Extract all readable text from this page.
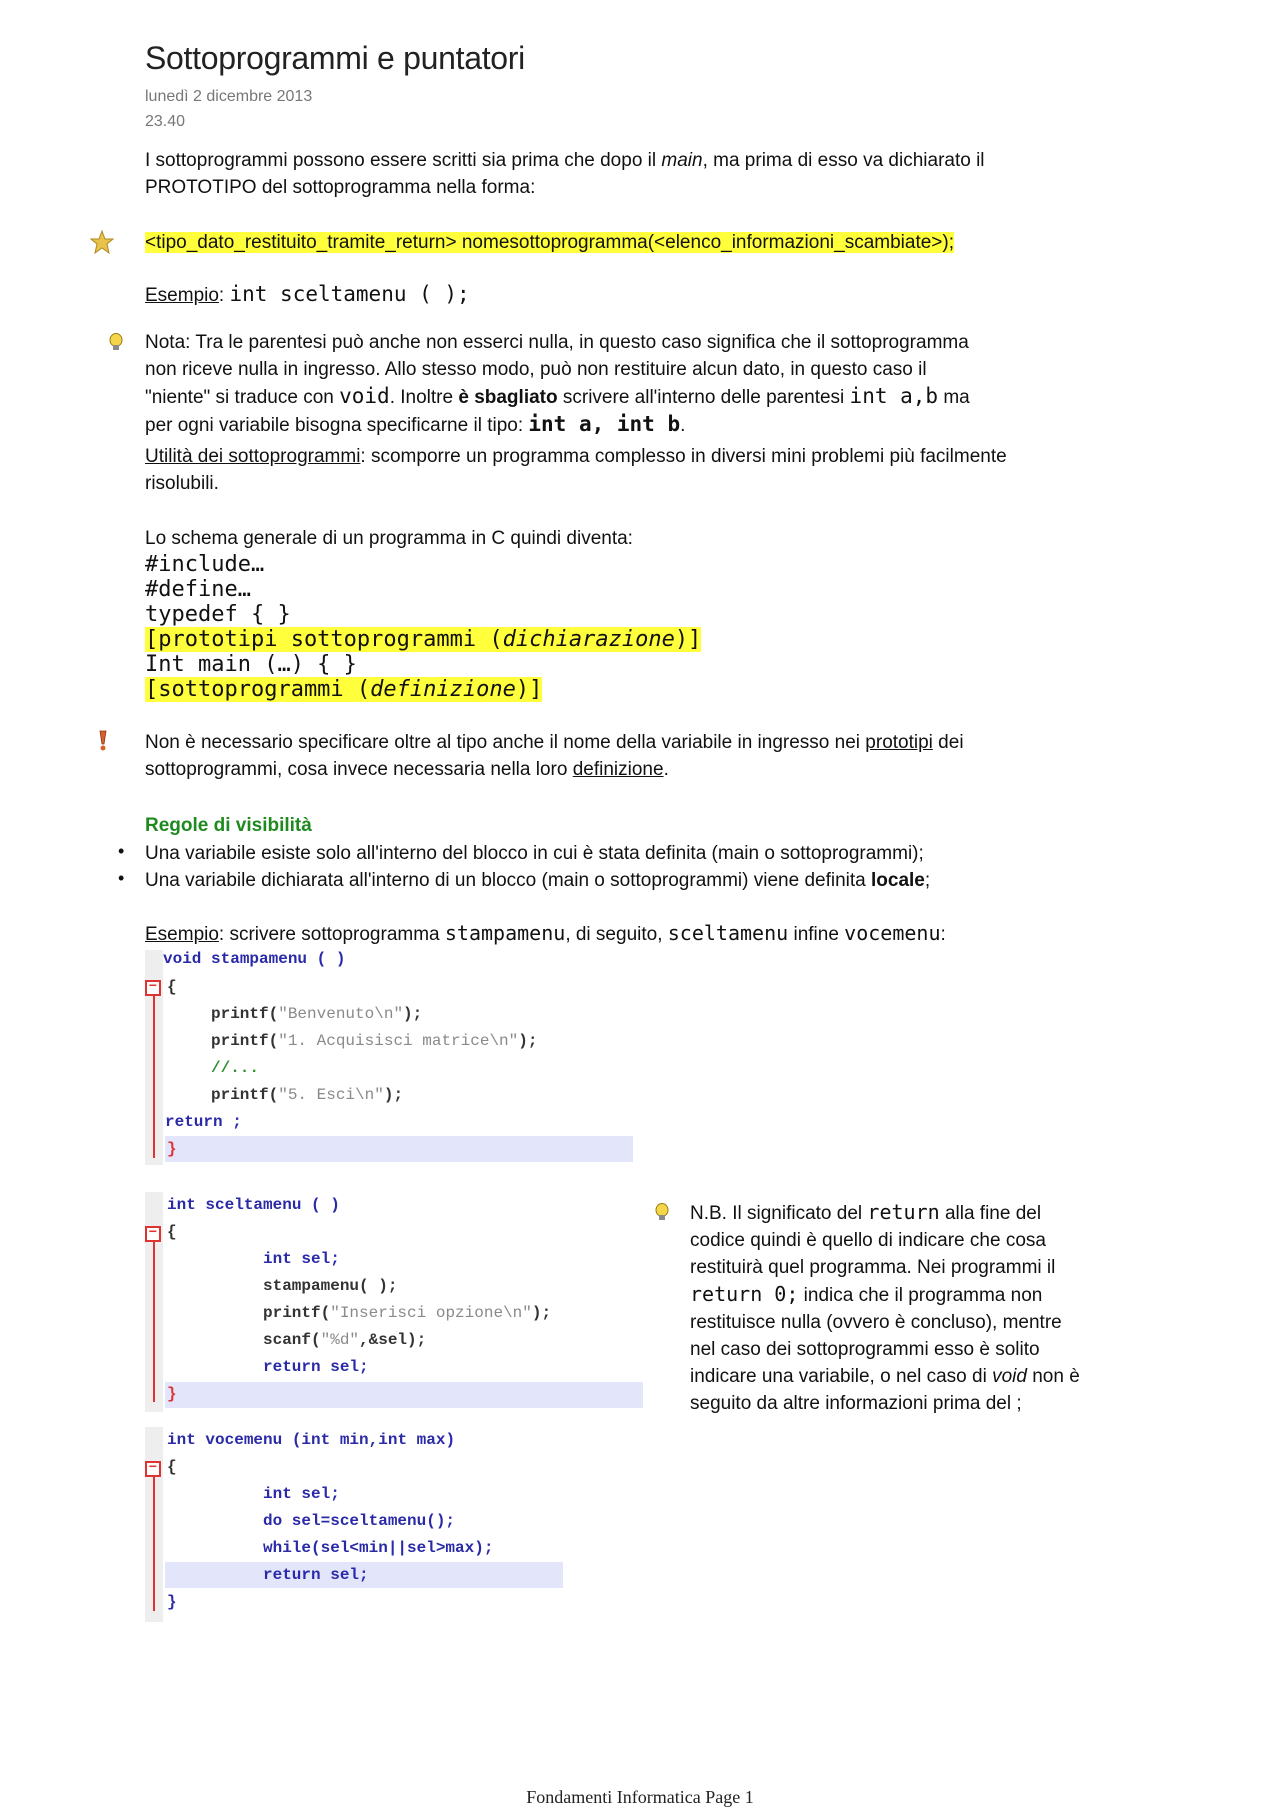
Sottoprogrammi e puntatori
lunedì 2 dicembre 2013
23.40
I sottoprogrammi possono essere scritti sia prima che dopo il main, ma prima di esso va dichiarato il
PROTOTIPO del sottoprogramma nella forma:
<tipo_dato_restituito_tramite_return> nomesottoprogramma(<elenco_informazioni_scambiate>);
Esempio: int sceltamenu ( );
Nota: Tra le parentesi può anche non esserci nulla, in questo caso significa che il sottoprogramma
non riceve nulla in ingresso. Allo stesso modo, può non restituire alcun dato, in questo caso il
"niente" si traduce con void. Inoltre è sbagliato scrivere all'interno delle parentesi int a,b ma
per ogni variabile bisogna specificarne il tipo: int a, int b.
Utilità dei sottoprogrammi: scomporre un programma complesso in diversi mini problemi più facilmente
risolubili.
Lo schema generale di un programma in C quindi diventa:
#include…
#define…
typedef { }
[prototipi sottoprogrammi (dichiarazione)]
Int main (…) { }
[sottoprogrammi (definizione)]
Non è necessario specificare oltre al tipo anche il nome della variabile in ingresso nei prototipi dei
sottoprogrammi, cosa invece necessaria nella loro definizione.
Regole di visibilità
• Una variabile esiste solo all'interno del blocco in cui è stata definita (main o sottoprogrammi);
• Una variabile dichiarata all'interno di un blocco (main o sottoprogrammi) viene definita locale;
Esempio: scrivere sottoprogramma stampamenu, di seguito, sceltamenu infine vocemenu:
−
void stampamenu ( )
{
printf("Benvenuto\n");
printf("1. Acquisisci matrice\n");
//...
printf("5. Esci\n");
return ;
}
−
int sceltamenu ( )
{
int sel;
stampamenu( );
printf("Inserisci opzione\n");
scanf("%d",&sel);
return sel;
}
−
int vocemenu (int min,int max)
{
int sel;
do sel=sceltamenu();
while(sel<min||sel>max);
return sel;
}
N.B. Il significato del return alla fine del
codice quindi è quello di indicare che cosa
restituirà quel programma. Nei programmi il
return 0; indica che il programma non
restituisce nulla (ovvero è concluso), mentre
nel caso dei sottoprogrammi esso è solito
indicare una variabile, o nel caso di void non è
seguito da altre informazioni prima del ;
Fondamenti Informatica Page 1
